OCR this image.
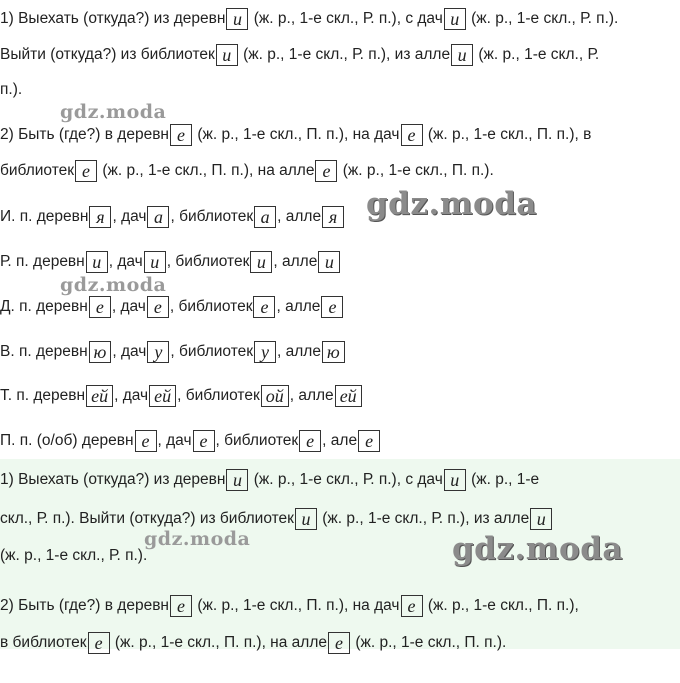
1) Выехать (откуда?) из деревн и (ж. р., 1-е скл., Р. п.), с дач и (ж. р., 1-е скл., Р. п.).
Выйти (откуда?) из библиотек и (ж. р., 1-е скл., Р. п.), из алле и (ж. р., 1-е скл., Р.
п.).
gdz.moda
2) Быть (где?) в деревн е (ж. р., 1-е скл., П. п.), на дач е (ж. р., 1-е скл., П. п.), в
библиотек е (ж. р., 1-е скл., П. п.), на алле е (ж. р., 1-е скл., П. п.).
И. п. деревн я , дач а , библиотек а , алле я gdz.moda
Р. п. деревн и , дач и , библиотек и , алле и
gdz.moda
Д. п. деревн е , дач е , библиотек е , алле е
В. п. деревн ю , дач у , библиотек у , алле ю
Т. п. деревн ей , дач ей , библиотек ой , алле ей
П. п. (о/об) деревн е , дач е , библиотек е , але е
1) Выехать (откуда?) из деревн и (ж. р., 1-е скл., Р. п.), с дач и (ж. р., 1-е
скл., Р. п.). Выйти (откуда?) из библиотек и (ж. р., 1-е скл., Р. п.), из алле и
(ж. р., 1-е скл., Р. п.).
gdz.moda	gdz.moda
2) Быть (где?) в деревн е (ж. р., 1-е скл., П. п.), на дач е (ж. р., 1-е скл., П. п.),
в библиотек е (ж. р., 1-е скл., П. п.), на алле е (ж. р., 1-е скл., П. п.).
